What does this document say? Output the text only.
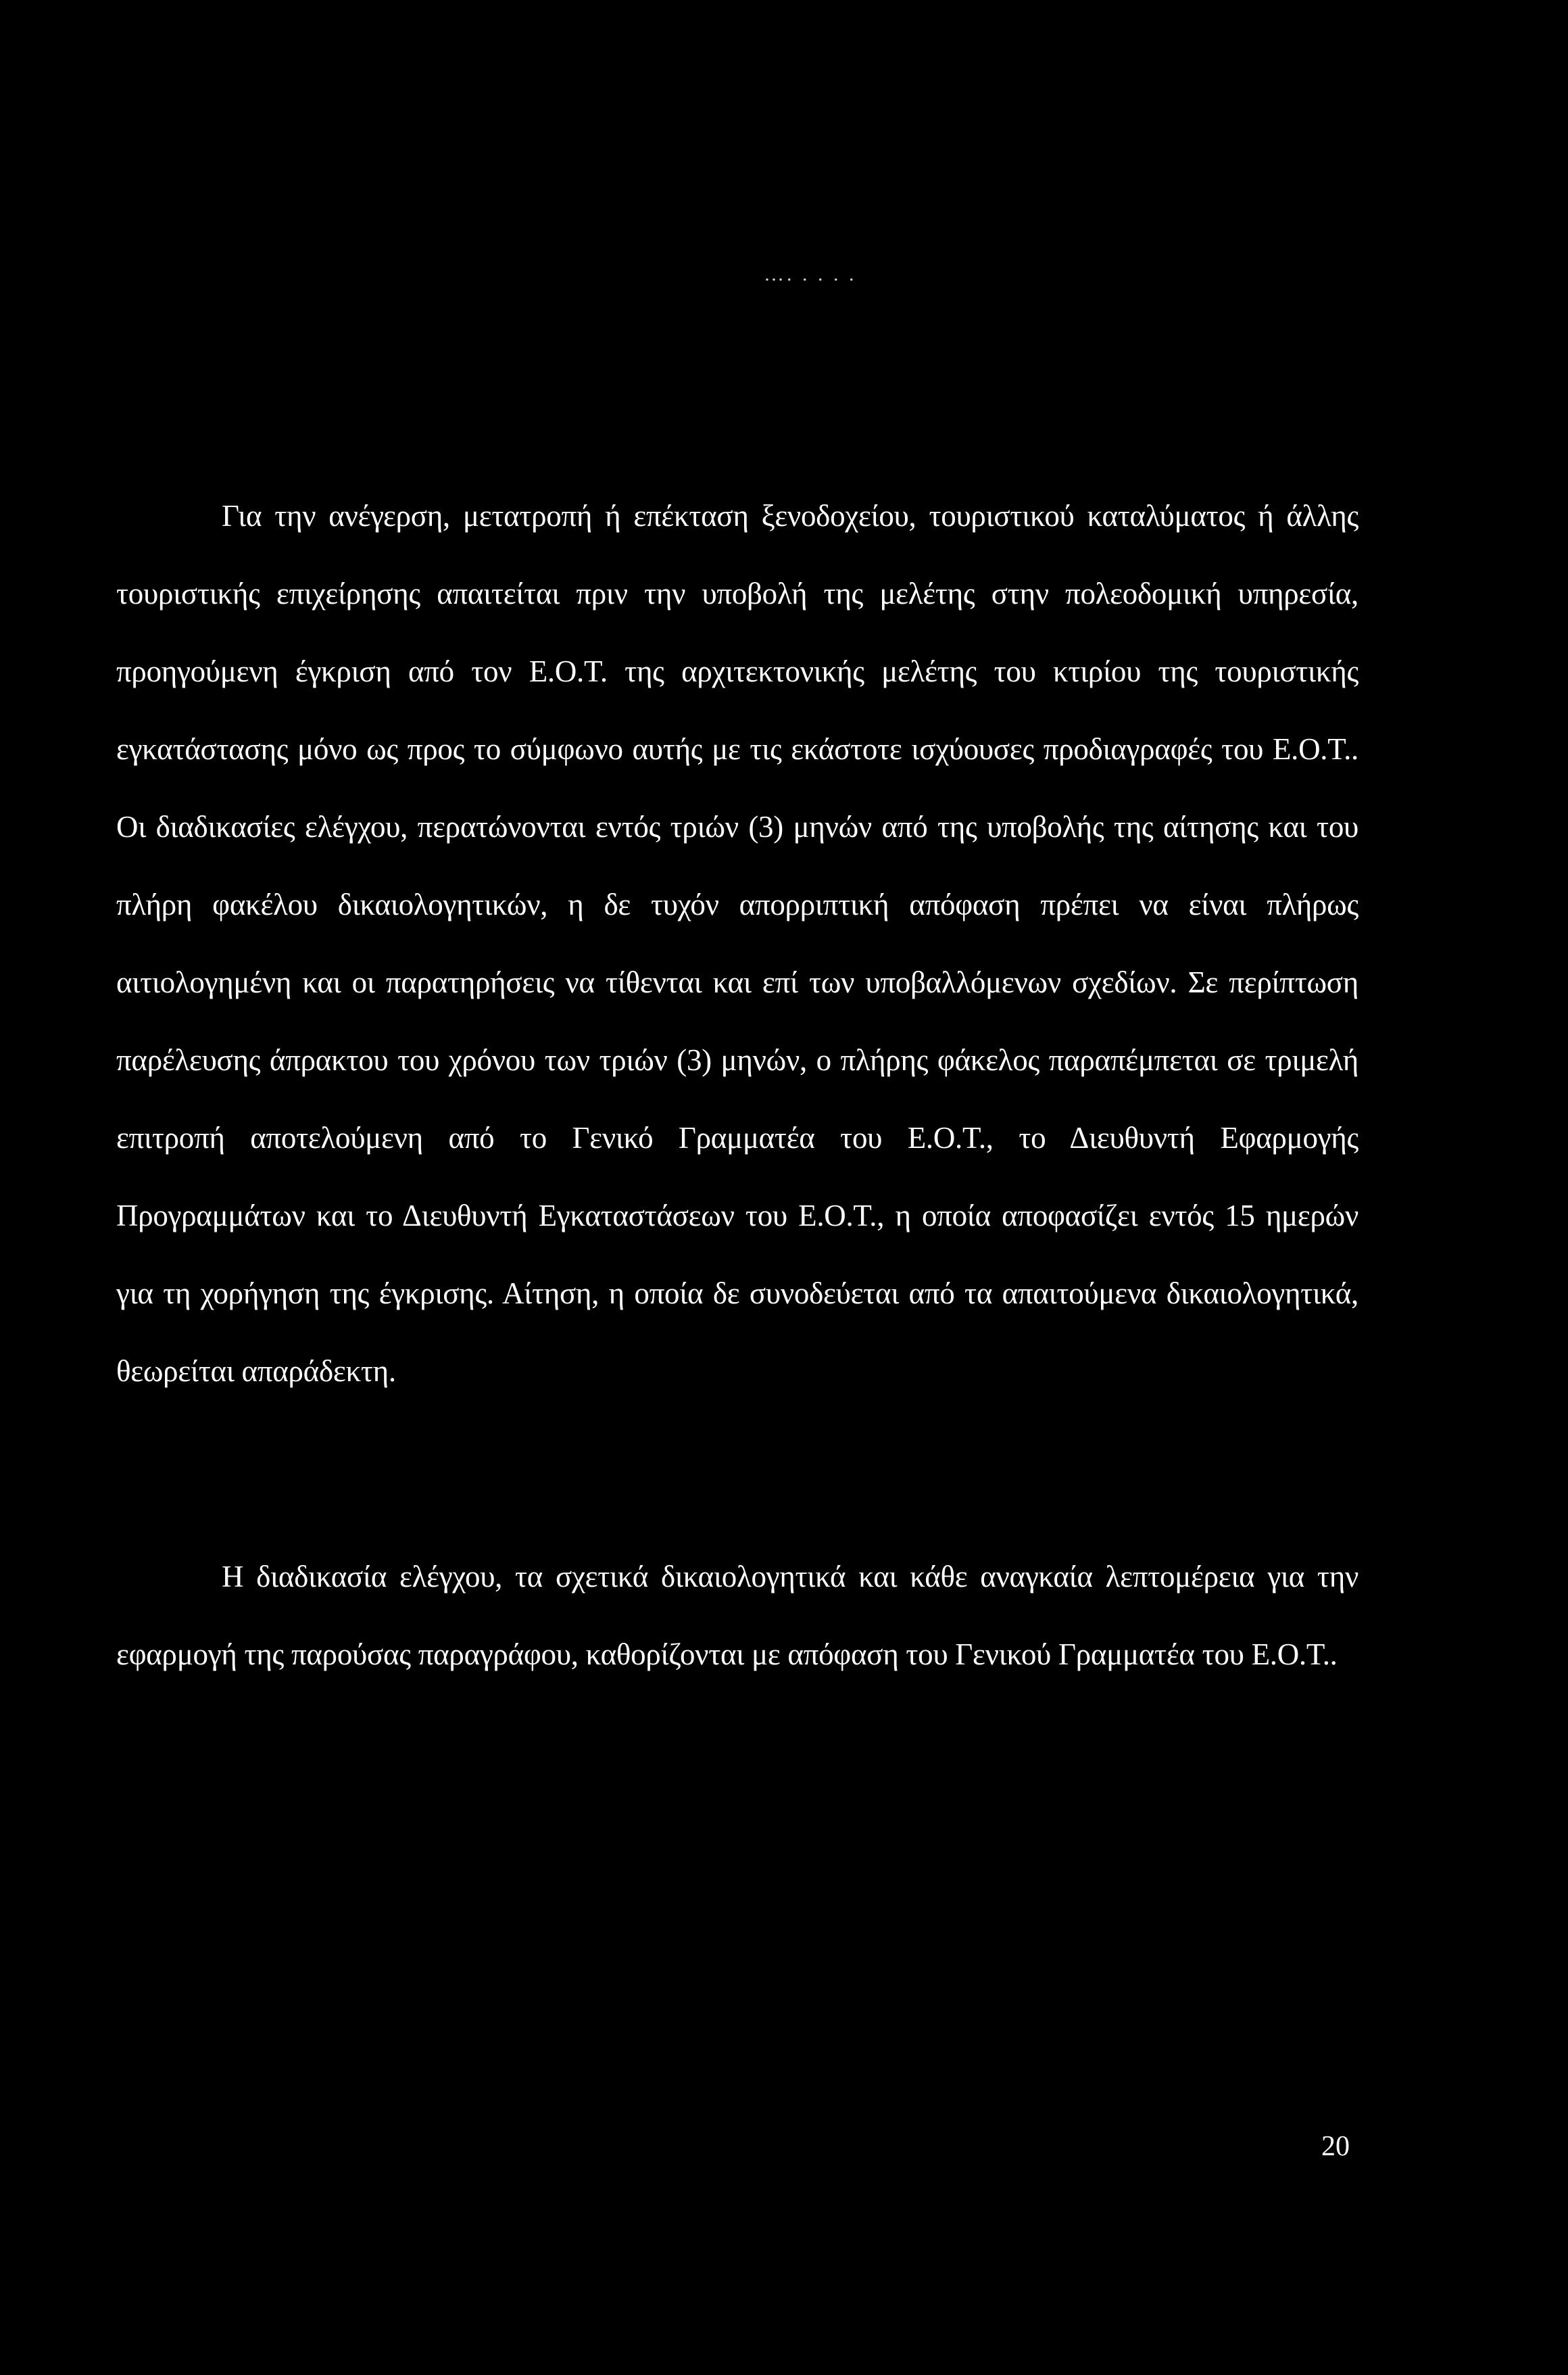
…. . . . .

Για την ανέγερση, μετατροπή ή επέκταση ξενοδοχείου, τουριστικού καταλύματος ή άλλης τουριστικής επιχείρησης απαιτείται πριν την υποβολή της μελέτης στην πολεοδομική υπηρεσία, προηγούμενη έγκριση από τον Ε.Ο.Τ. της αρχιτεκτονικής μελέτης του κτιρίου της τουριστικής εγκατάστασης μόνο ως προς το σύμφωνο αυτής με τις εκάστοτε ισχύουσες προδιαγραφές του Ε.Ο.Τ.. Οι διαδικασίες ελέγχου, περατώνονται εντός τριών (3) μηνών από της υποβολής της αίτησης και του πλήρη φακέλου δικαιολογητικών, η δε τυχόν απορριπτική απόφαση πρέπει να είναι πλήρως αιτιολογημένη και οι παρατηρήσεις να τίθενται και επί των υποβαλλόμενων σχεδίων. Σε περίπτωση παρέλευσης άπρακτου του χρόνου των τριών (3) μηνών, ο πλήρης φάκελος παραπέμπεται σε τριμελή επιτροπή αποτελούμενη από το Γενικό Γραμματέα του Ε.Ο.Τ., το Διευθυντή Εφαρμογής Προγραμμάτων και το Διευθυντή Εγκαταστάσεων του Ε.Ο.Τ., η οποία αποφασίζει εντός 15 ημερών για τη χορήγηση της έγκρισης. Αίτηση, η οποία δε συνοδεύεται από τα απαιτούμενα δικαιολογητικά, θεωρείται απαράδεκτη.

Η διαδικασία ελέγχου, τα σχετικά δικαιολογητικά και κάθε αναγκαία λεπτομέρεια για την εφαρμογή της παρούσας παραγράφου, καθορίζονται με απόφαση του Γενικού Γραμματέα του Ε.Ο.Τ..

20
